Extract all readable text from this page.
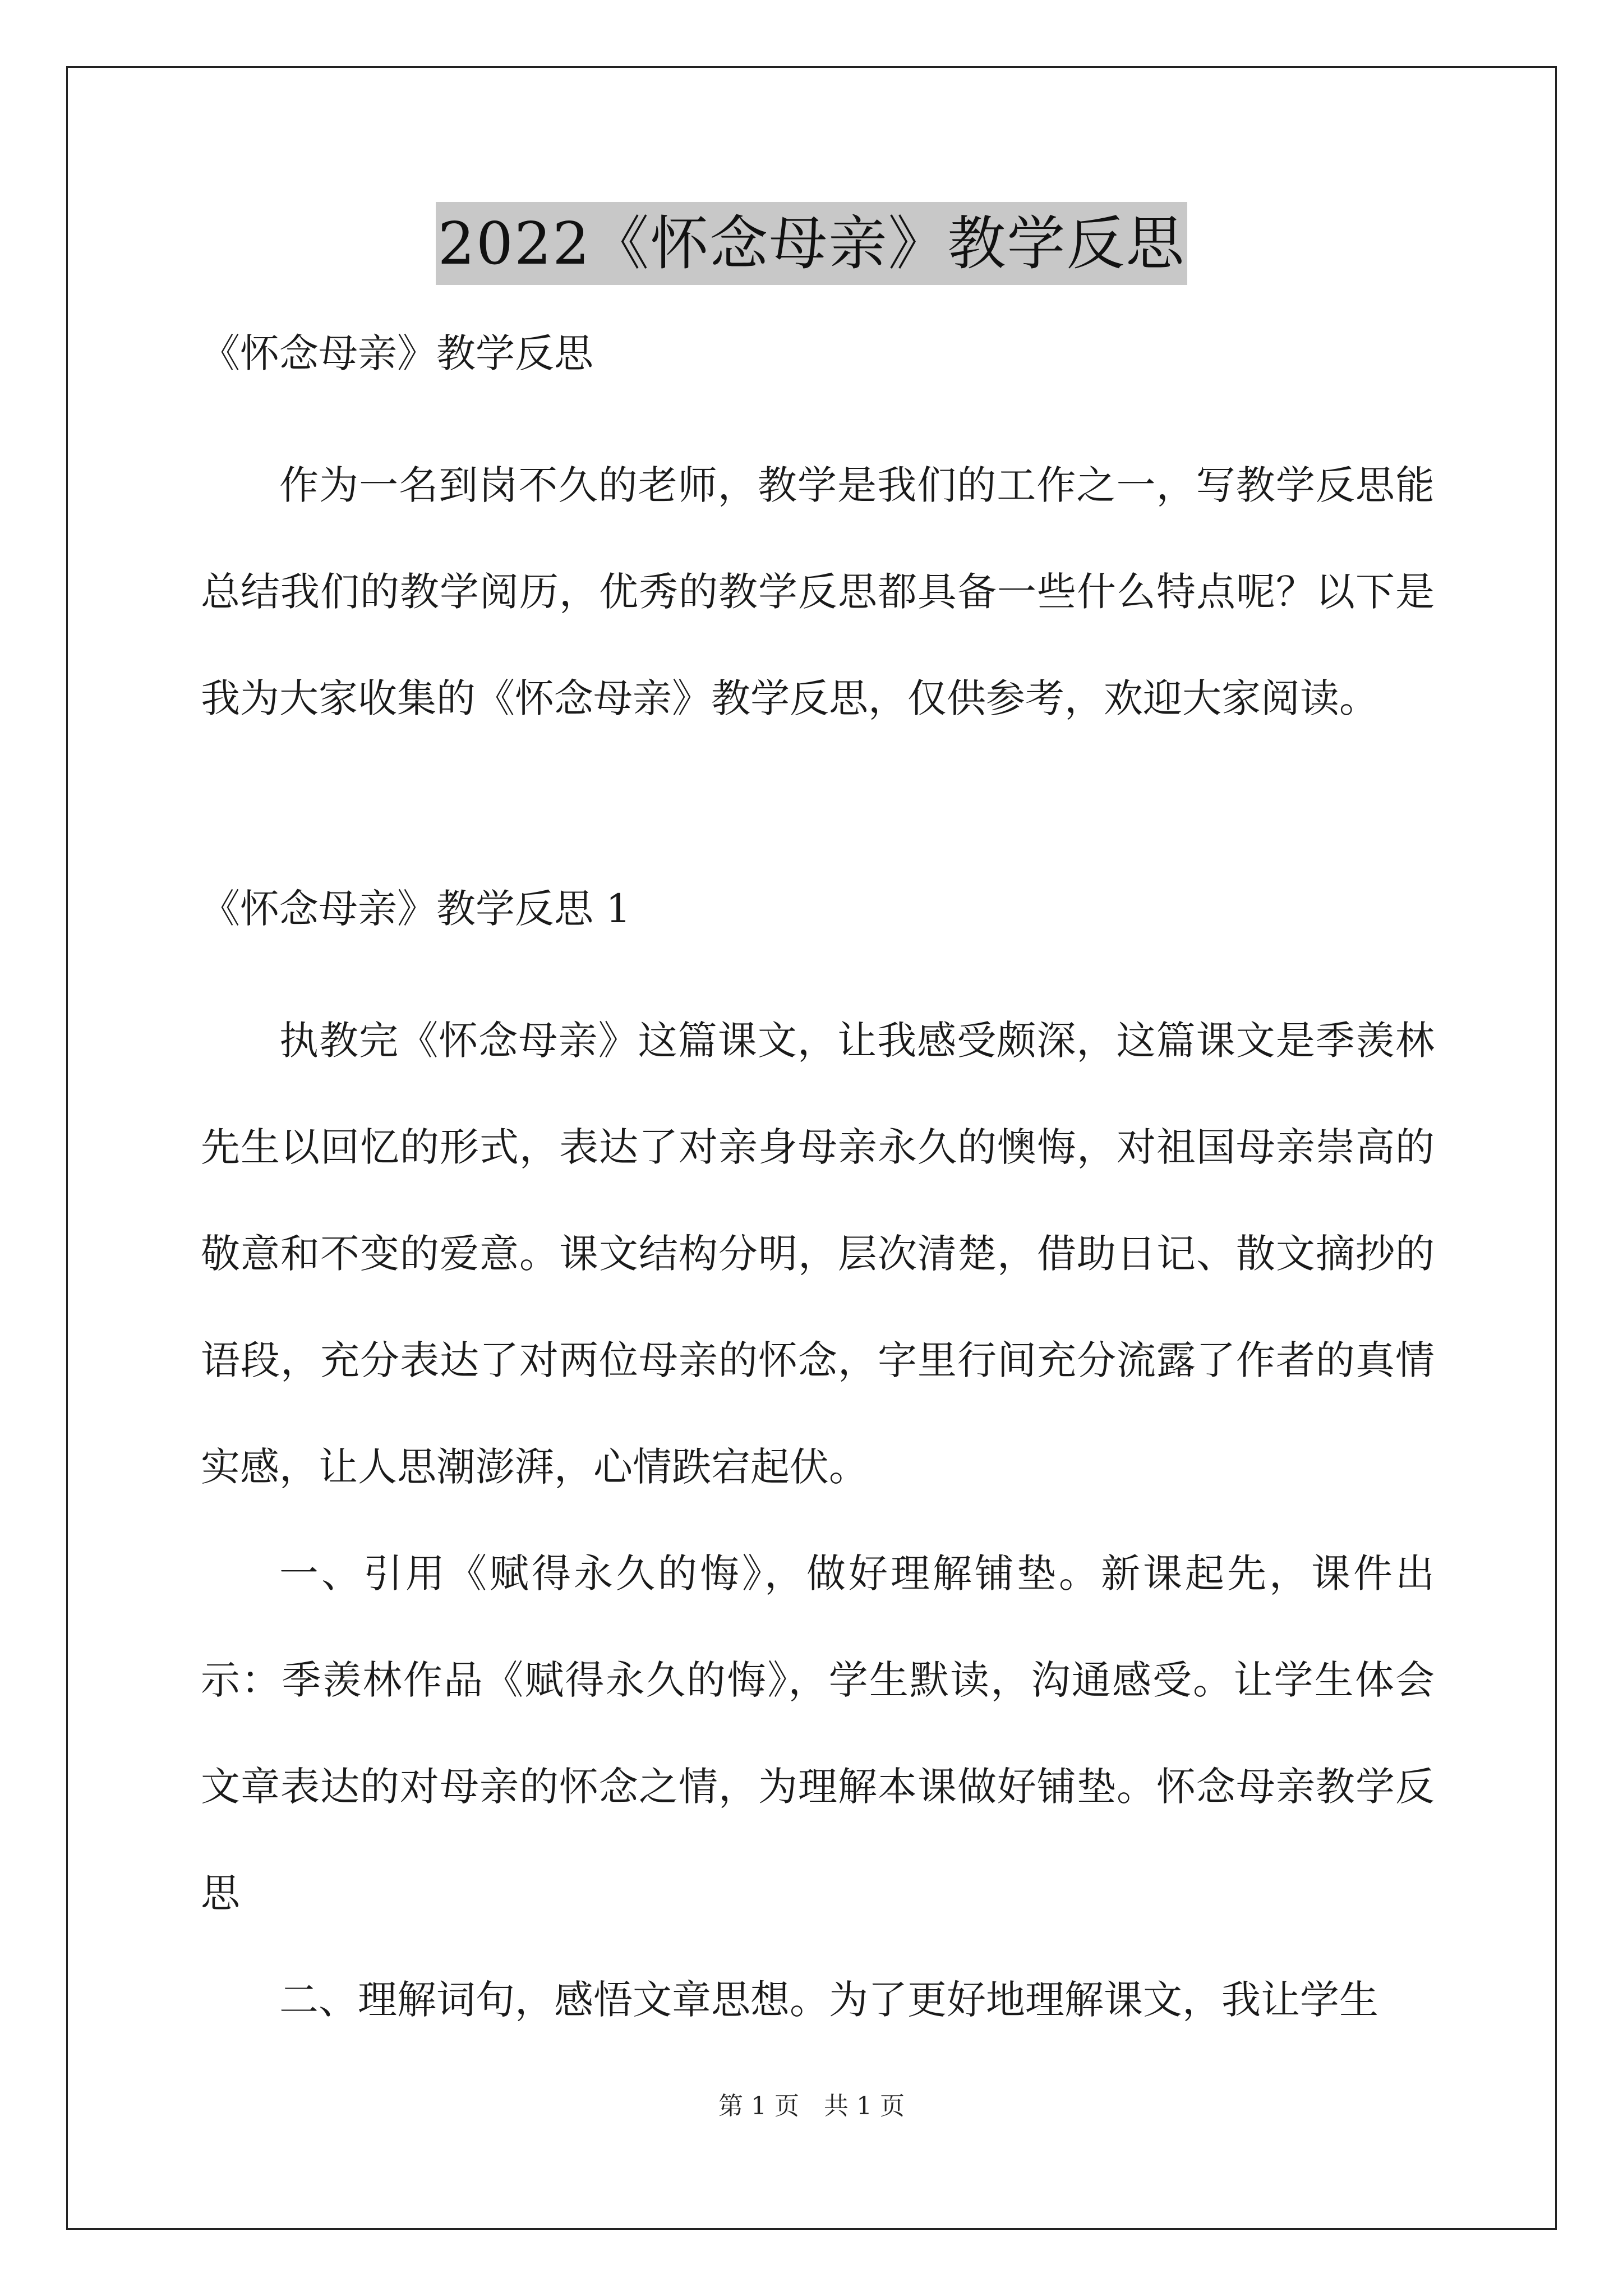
2022《怀念母亲》教学反思

《怀念母亲》教学反思

作为一名到岗不久的老师，教学是我们的工作之一，写教学反思能总结我们的教学阅历，优秀的教学反思都具备一些什么特点呢？以下是我为大家收集的《怀念母亲》教学反思，仅供参考，欢迎大家阅读。

《怀念母亲》教学反思 1

执教完《怀念母亲》这篇课文，让我感受颇深，这篇课文是季羡林先生以回忆的形式，表达了对亲身母亲永久的懊悔，对祖国母亲崇高的敬意和不变的爱意。课文结构分明，层次清楚，借助日记、散文摘抄的语段，充分表达了对两位母亲的怀念，字里行间充分流露了作者的真情实感，让人思潮澎湃，心情跌宕起伏。

一、引用《赋得永久的悔》，做好理解铺垫。新课起先，课件出示：季羡林作品《赋得永久的悔》，学生默读，沟通感受。让学生体会文章表达的对母亲的怀念之情，为理解本课做好铺垫。怀念母亲教学反思

二、理解词句，感悟文章思想。为了更好地理解课文，我让学生

第 1 页　共 1 页
